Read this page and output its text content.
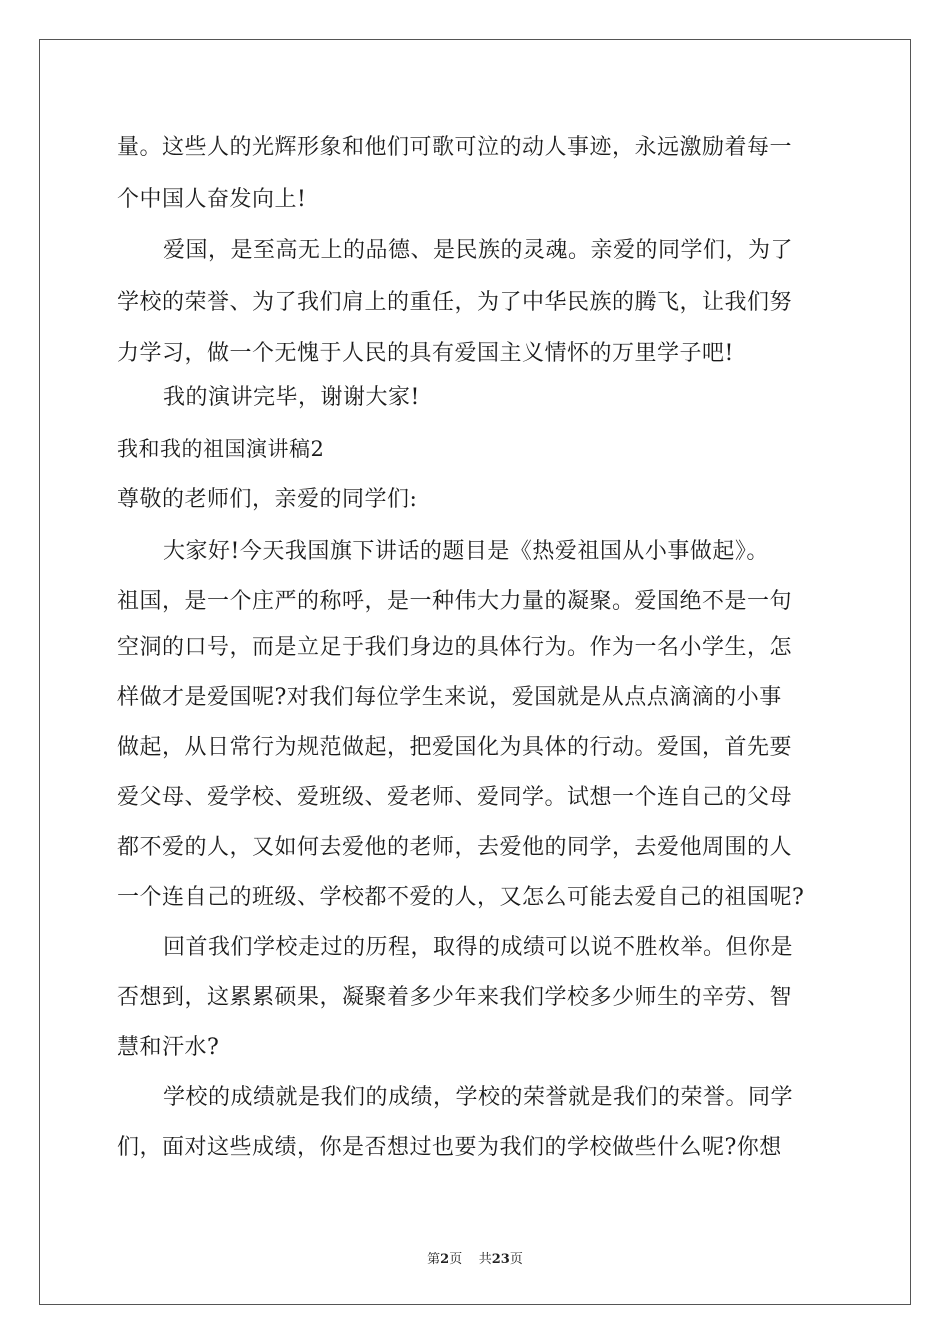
量。这些人的光辉形象和他们可歌可泣的动人事迹，永远激励着每一
个中国人奋发向上!
爱国，是至高无上的品德、是民族的灵魂。亲爱的同学们，为了
学校的荣誉、为了我们肩上的重任，为了中华民族的腾飞，让我们努
力学习，做一个无愧于人民的具有爱国主义情怀的万里学子吧!
我的演讲完毕，谢谢大家!
我和我的祖国演讲稿2
尊敬的老师们，亲爱的同学们:
大家好!今天我国旗下讲话的题目是《热爱祖国从小事做起》。
祖国，是一个庄严的称呼，是一种伟大力量的凝聚。爱国绝不是一句
空洞的口号，而是立足于我们身边的具体行为。作为一名小学生，怎
样做才是爱国呢?对我们每位学生来说，爱国就是从点点滴滴的小事
做起，从日常行为规范做起，把爱国化为具体的行动。爱国，首先要
爱父母、爱学校、爱班级、爱老师、爱同学。试想一个连自己的父母
都不爱的人，又如何去爱他的老师，去爱他的同学，去爱他周围的人
一个连自己的班级、学校都不爱的人，又怎么可能去爱自己的祖国呢?
回首我们学校走过的历程，取得的成绩可以说不胜枚举。但你是
否想到，这累累硕果，凝聚着多少年来我们学校多少师生的辛劳、智
慧和汗水?
学校的成绩就是我们的成绩，学校的荣誉就是我们的荣誉。同学
们，面对这些成绩，你是否想过也要为我们的学校做些什么呢?你想
第2页 共23页
